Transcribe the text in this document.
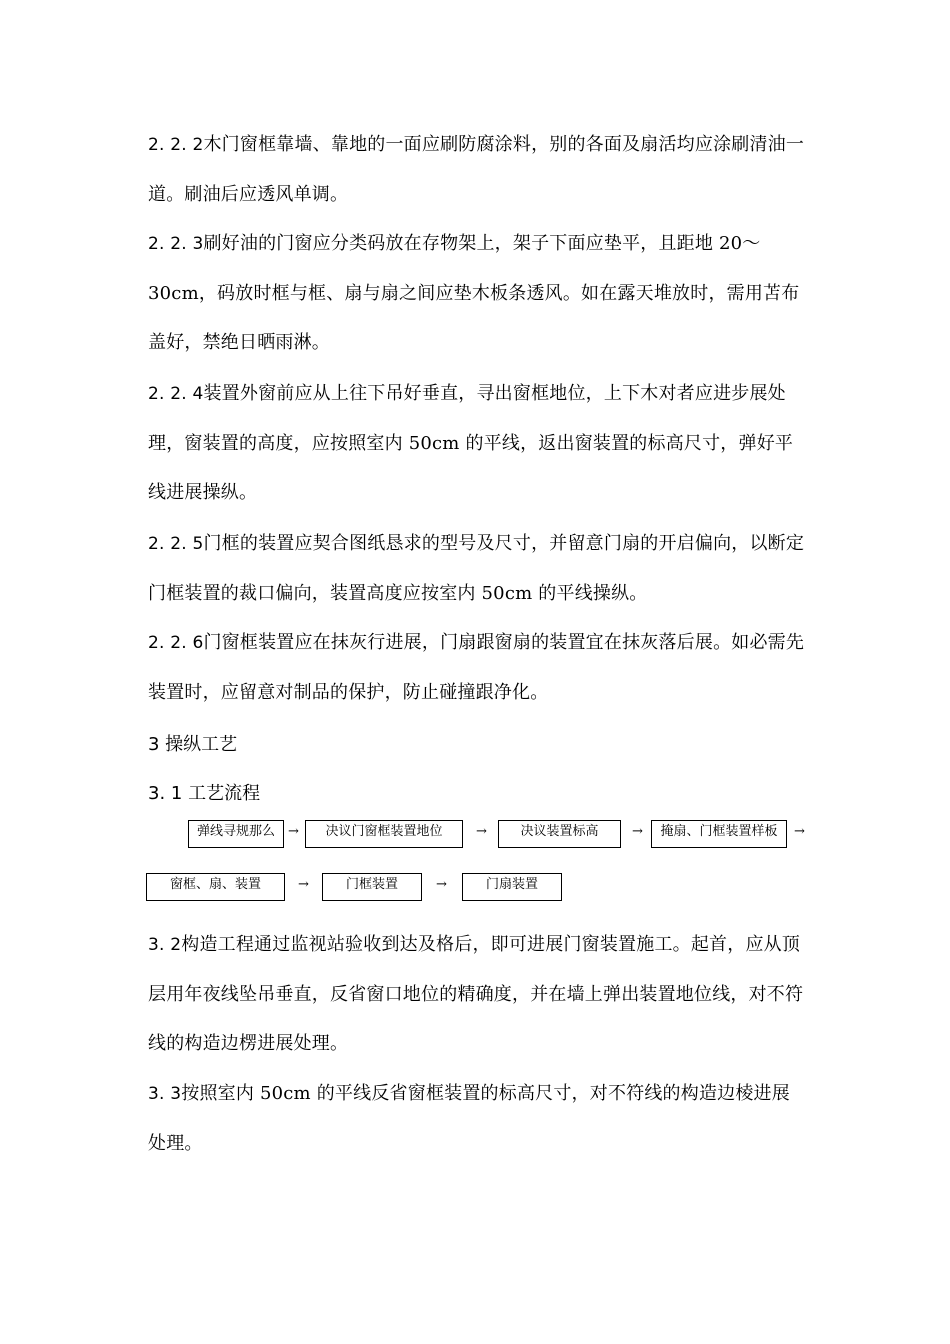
2. 2. 2木门窗框靠墙、靠地的一面应刷防腐涂料，别的各面及扇活均应涂刷清油一道。刷油后应透风单调。

2. 2. 3刷好油的门窗应分类码放在存物架上，架子下面应垫平，且距地 20～30cm，码放时框与框、扇与扇之间应垫木板条透风。如在露天堆放时，需用苫布盖好，禁绝日晒雨淋。

2. 2. 4装置外窗前应从上往下吊好垂直，寻出窗框地位，上下木对者应进步展处理，窗装置的高度，应按照室内 50cm 的平线，返出窗装置的标高尺寸，弹好平线进展操纵。

2. 2. 5门框的装置应契合图纸恳求的型号及尺寸，并留意门扇的开启偏向，以断定门框装置的裁口偏向，装置高度应按室内 50cm 的平线操纵。

2. 2. 6门窗框装置应在抹灰行进展，门扇跟窗扇的装置宜在抹灰落后展。如必需先装置时，应留意对制品的保护，防止碰撞跟净化。

3 操纵工艺

3. 1 工艺流程

弹线寻规那么	→	决议门窗框装置地位	→	决议装置标高	→	掩扇、门框装置样板	→
窗框、扇、装置	→	门框装置	→	门扇装置

3. 2构造工程通过监视站验收到达及格后，即可进展门窗装置施工。起首，应从顶层用年夜线坠吊垂直，反省窗口地位的精确度，并在墙上弹出装置地位线，对不符线的构造边楞进展处理。

3. 3按照室内 50cm 的平线反省窗框装置的标高尺寸，对不符线的构造边棱进展处理。
